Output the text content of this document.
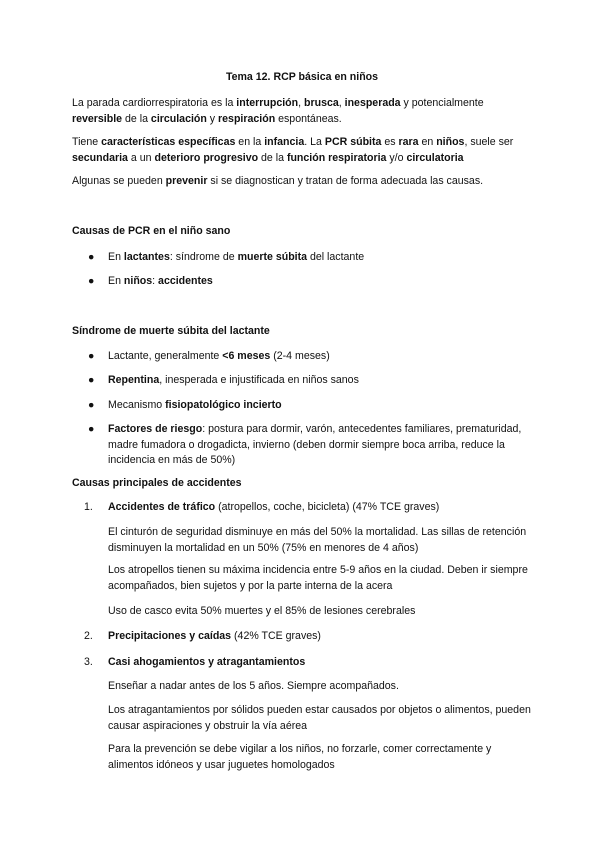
Tema 12. RCP básica en niños

La parada cardiorrespiratoria es la interrupción, brusca, inesperada y potencialmente reversible de la circulación y respiración espontáneas.

Tiene características específicas en la infancia. La PCR súbita es rara en niños, suele ser secundaria a un deterioro progresivo de la función respiratoria y/o circulatoria

Algunas se pueden prevenir si se diagnostican y tratan de forma adecuada las causas.

Causas de PCR en el niño sano

● En lactantes: síndrome de muerte súbita del lactante
● En niños: accidentes

Síndrome de muerte súbita del lactante

● Lactante, generalmente <6 meses (2-4 meses)
● Repentina, inesperada e injustificada en niños sanos
● Mecanismo fisiopatológico incierto
● Factores de riesgo: postura para dormir, varón, antecedentes familiares, prematuridad, madre fumadora o drogadicta, invierno (deben dormir siempre boca arriba, reduce la incidencia en más de 50%)

Causas principales de accidentes

1. Accidentes de tráfico (atropellos, coche, bicicleta) (47% TCE graves)

El cinturón de seguridad disminuye en más del 50% la mortalidad. Las sillas de retención disminuyen la mortalidad en un 50% (75% en menores de 4 años)

Los atropellos tienen su máxima incidencia entre 5-9 años en la ciudad. Deben ir siempre acompañados, bien sujetos y por la parte interna de la acera

Uso de casco evita 50% muertes y el 85% de lesiones cerebrales

2. Precipitaciones y caídas (42% TCE graves)
3. Casi ahogamientos y atragantamientos

Enseñar a nadar antes de los 5 años. Siempre acompañados.

Los atragantamientos por sólidos pueden estar causados por objetos o alimentos, pueden causar aspiraciones y obstruir la vía aérea

Para la prevención se debe vigilar a los niños, no forzarle, comer correctamente y alimentos idóneos y usar juguetes homologados
